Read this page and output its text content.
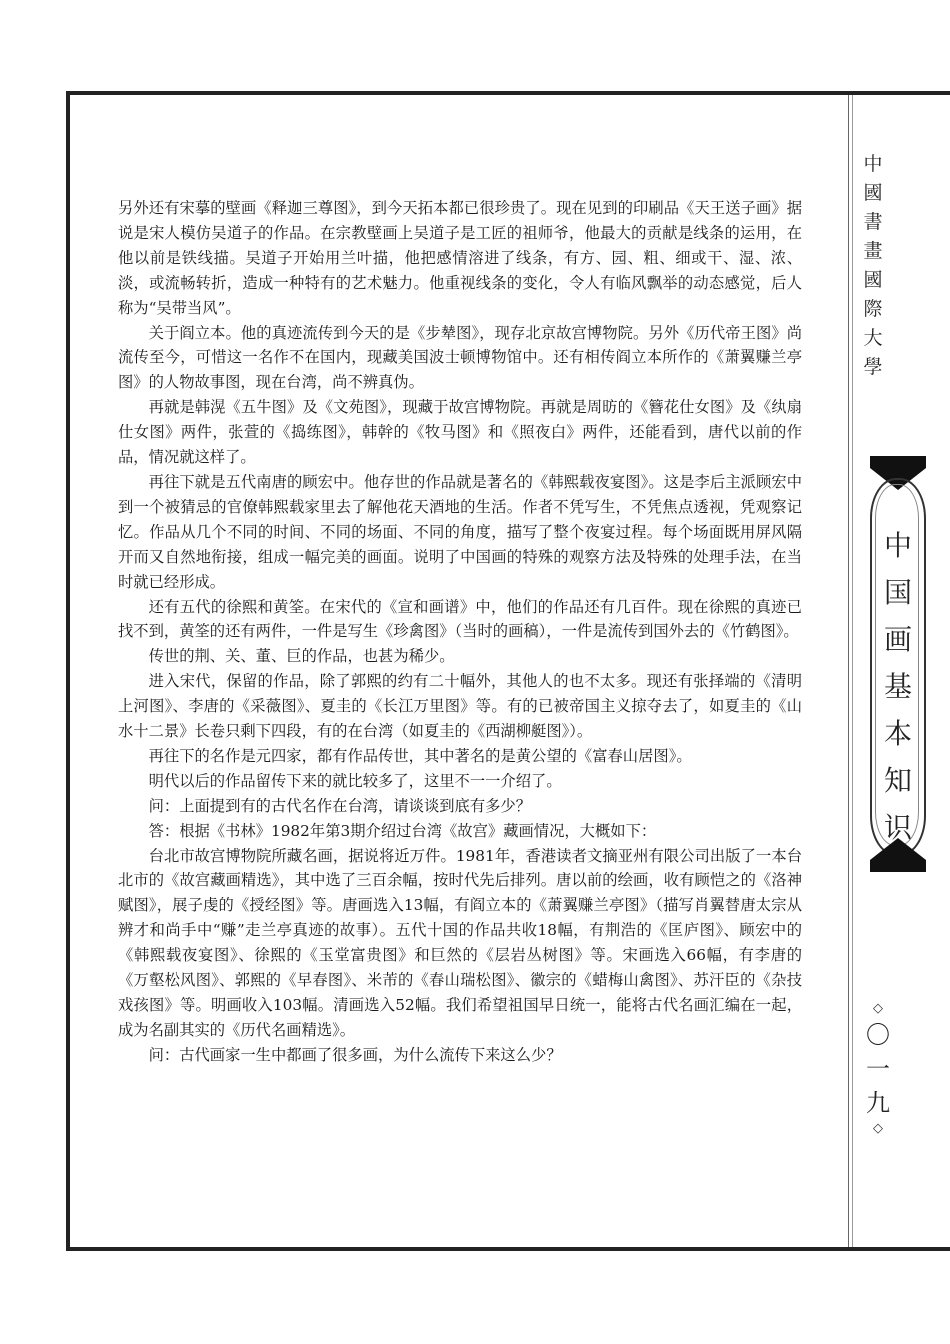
另外还有宋摹的壁画《释迦三尊图》，到今天拓本都已很珍贵了。现在见到的印刷品《天王送子画》据说是宋人模仿吴道子的作品。在宗教壁画上吴道子是工匠的祖师爷，他最大的贡献是线条的运用，在他以前是铁线描。吴道子开始用兰叶描，他把感情溶进了线条，有方、园、粗、细或干、湿、浓、淡，或流畅转折，造成一种特有的艺术魅力。他重视线条的变化，令人有临风飘举的动态感觉，后人称为“吴带当风”。

关于阎立本。他的真迹流传到今天的是《步辇图》，现存北京故宫博物院。另外《历代帝王图》尚流传至今，可惜这一名作不在国内，现藏美国波士顿博物馆中。还有相传阎立本所作的《萧翼赚兰亭图》的人物故事图，现在台湾，尚不辨真伪。

再就是韩滉《五牛图》及《文苑图》，现藏于故宫博物院。再就是周昉的《簪花仕女图》及《纨扇仕女图》两件，张萱的《捣练图》，韩幹的《牧马图》和《照夜白》两件，还能看到，唐代以前的作品，情况就这样了。

再往下就是五代南唐的顾宏中。他存世的作品就是著名的《韩熙载夜宴图》。这是李后主派顾宏中到一个被猜忌的官僚韩熙载家里去了解他花天酒地的生活。作者不凭写生，不凭焦点透视，凭观察记忆。作品从几个不同的时间、不同的场面、不同的角度，描写了整个夜宴过程。每个场面既用屏风隔开而又自然地衔接，组成一幅完美的画面。说明了中国画的特殊的观察方法及特殊的处理手法，在当时就已经形成。

还有五代的徐熙和黄筌。在宋代的《宣和画谱》中，他们的作品还有几百件。现在徐熙的真迹已找不到，黄筌的还有两件，一件是写生《珍禽图》（当时的画稿），一件是流传到国外去的《竹鹤图》。

传世的荆、关、董、巨的作品，也甚为稀少。

进入宋代，保留的作品，除了郭熙的约有二十幅外，其他人的也不太多。现还有张择端的《清明上河图》、李唐的《采薇图》、夏圭的《长江万里图》等。有的已被帝国主义掠夺去了，如夏圭的《山水十二景》长卷只剩下四段，有的在台湾（如夏圭的《西湖柳艇图》）。

再往下的名作是元四家，都有作品传世，其中著名的是黄公望的《富春山居图》。

明代以后的作品留传下来的就比较多了，这里不一一介绍了。

问：上面提到有的古代名作在台湾，请谈谈到底有多少？

答：根据《书林》1982年第3期介绍过台湾《故宫》藏画情况，大概如下：

台北市故宫博物院所藏名画，据说将近万件。1981年，香港读者文摘亚州有限公司出版了一本台北市的《故宫藏画精选》，其中选了三百余幅，按时代先后排列。唐以前的绘画，收有顾恺之的《洛神赋图》，展子虔的《授经图》等。唐画选入13幅，有阎立本的《萧翼赚兰亭图》（描写肖翼替唐太宗从辨才和尚手中“赚”走兰亭真迹的故事）。五代十国的作品共收18幅，有荆浩的《匡庐图》、顾宏中的《韩熙载夜宴图》、徐熙的《玉堂富贵图》和巨然的《层岩丛树图》等。宋画选入66幅，有李唐的《万壑松风图》、郭熙的《早春图》、米芾的《春山瑞松图》、徽宗的《蜡梅山禽图》、苏汗臣的《杂技戏孩图》等。明画收入103幅。清画选入52幅。我们希望祖国早日统一，能将古代名画汇编在一起，成为名副其实的《历代名画精选》。

问：古代画家一生中都画了很多画，为什么流传下来这么少？

中
國
書
畫
國
際
大
學
中
国
画
基
本
知
识
◇
〇
一
九
◇
